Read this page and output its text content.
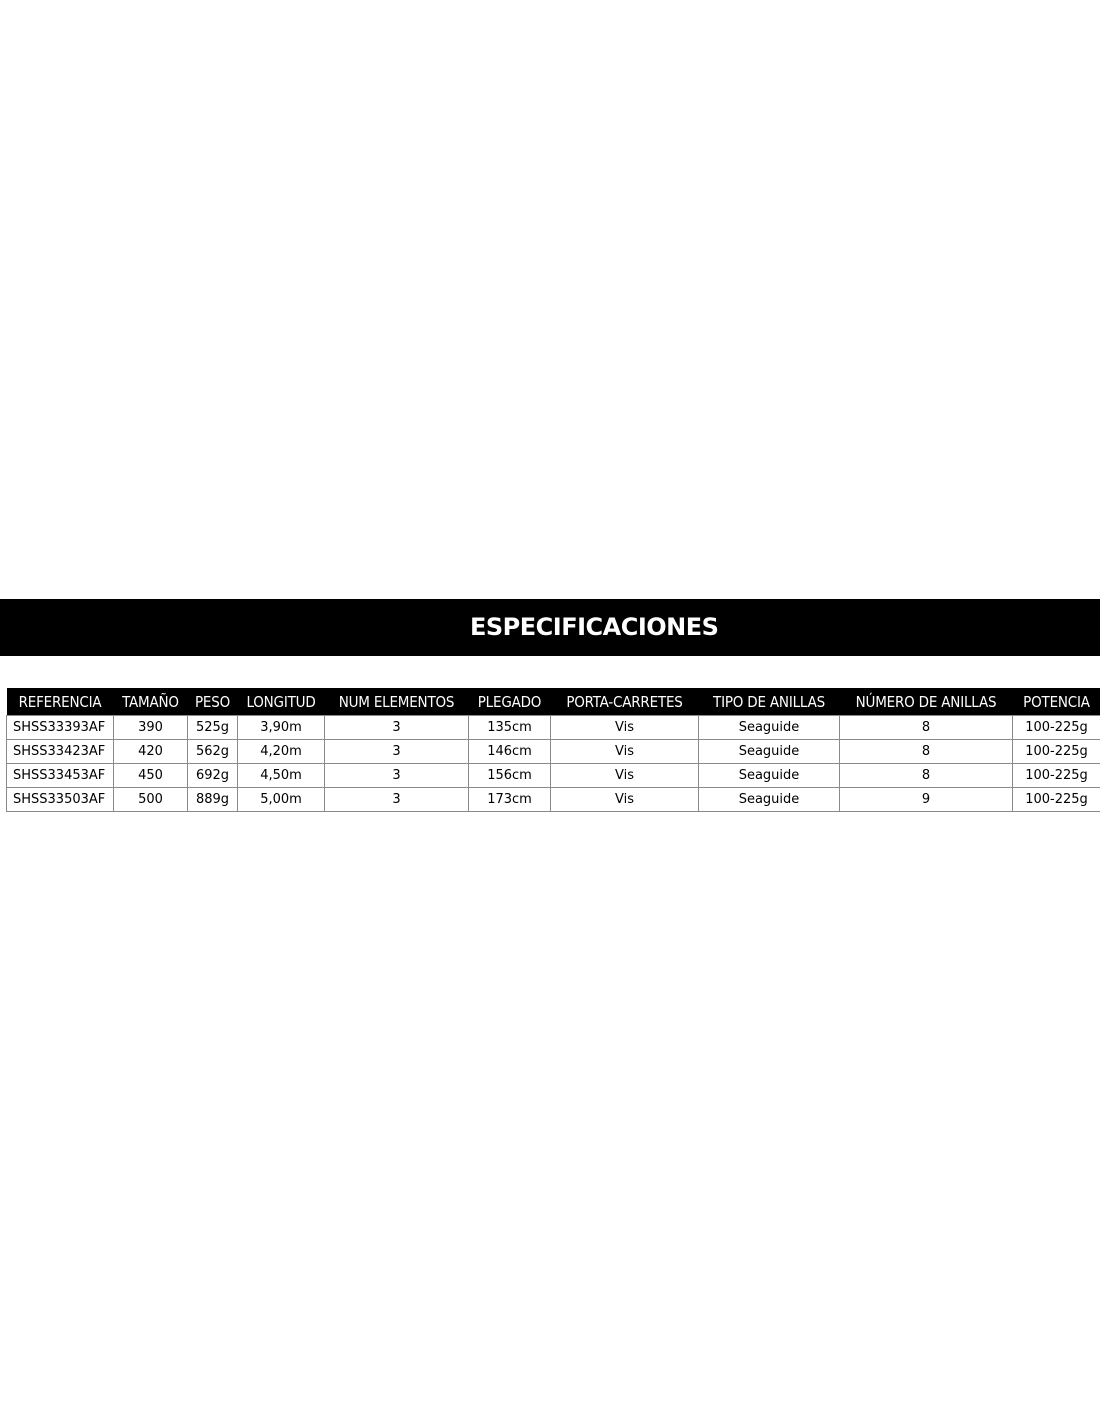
ESPECIFICACIONES
REFERENCIA	TAMAÑO	PESO	LONGITUD	NUM ELEMENTOS	PLEGADO	PORTA-CARRETES	TIPO DE ANILLAS	NÚMERO DE ANILLAS	POTENCIA
SHSS33393AF	390	525g	3,90m	3	135cm	Vis	Seaguide	8	100-225g
SHSS33423AF	420	562g	4,20m	3	146cm	Vis	Seaguide	8	100-225g
SHSS33453AF	450	692g	4,50m	3	156cm	Vis	Seaguide	8	100-225g
SHSS33503AF	500	889g	5,00m	3	173cm	Vis	Seaguide	9	100-225g
